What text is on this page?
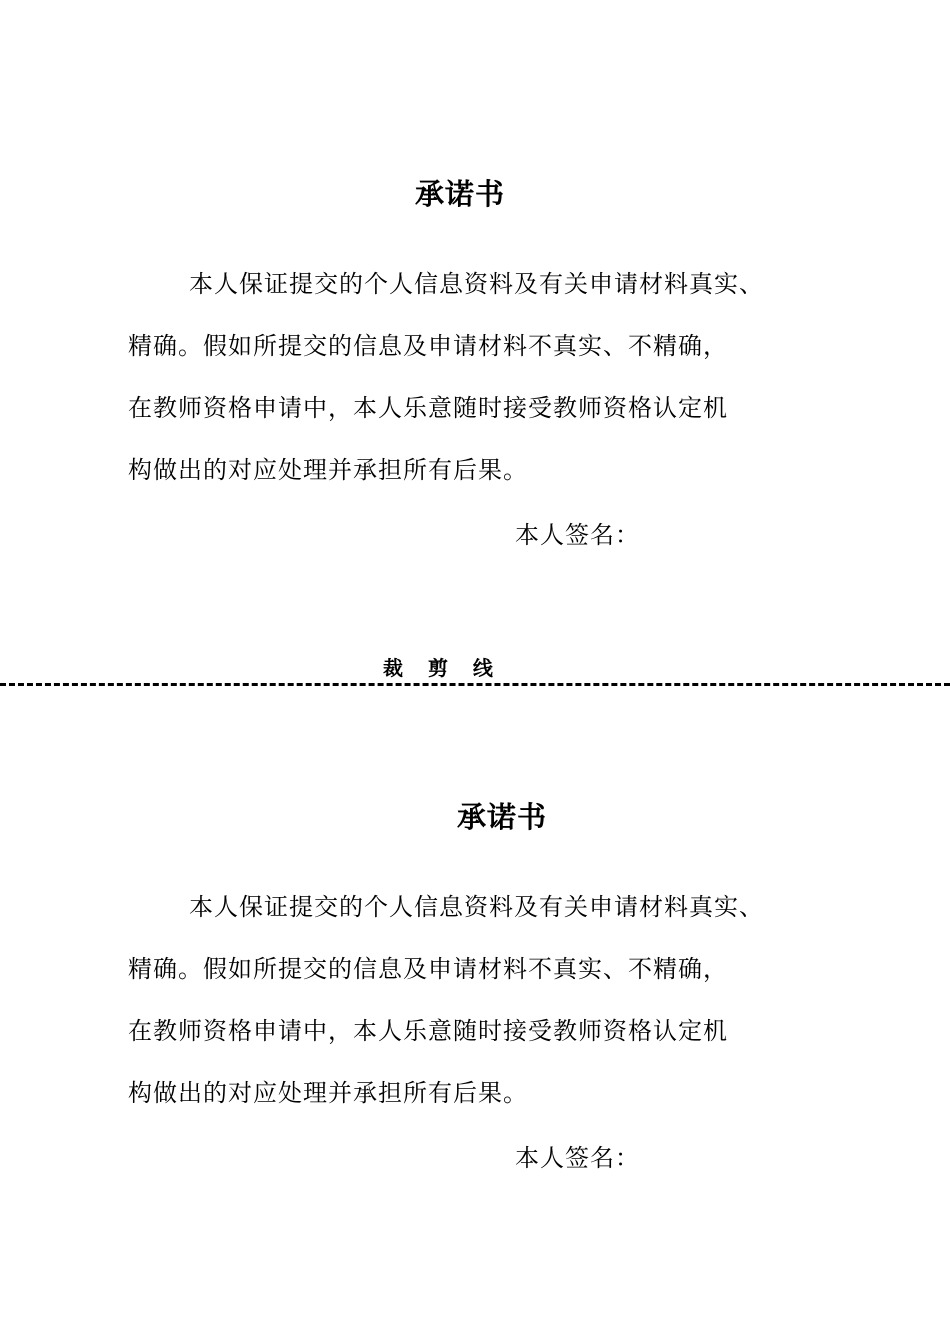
承诺书
本人保证提交的个人信息资料及有关申请材料真实、
精确。假如所提交的信息及申请材料不真实、不精确，
在教师资格申请中，本人乐意随时接受教师资格认定机
构做出的对应处理并承担所有后果。
本人签名：
裁 剪 线
承诺书
本人保证提交的个人信息资料及有关申请材料真实、
精确。假如所提交的信息及申请材料不真实、不精确，
在教师资格申请中，本人乐意随时接受教师资格认定机
构做出的对应处理并承担所有后果。
本人签名：
